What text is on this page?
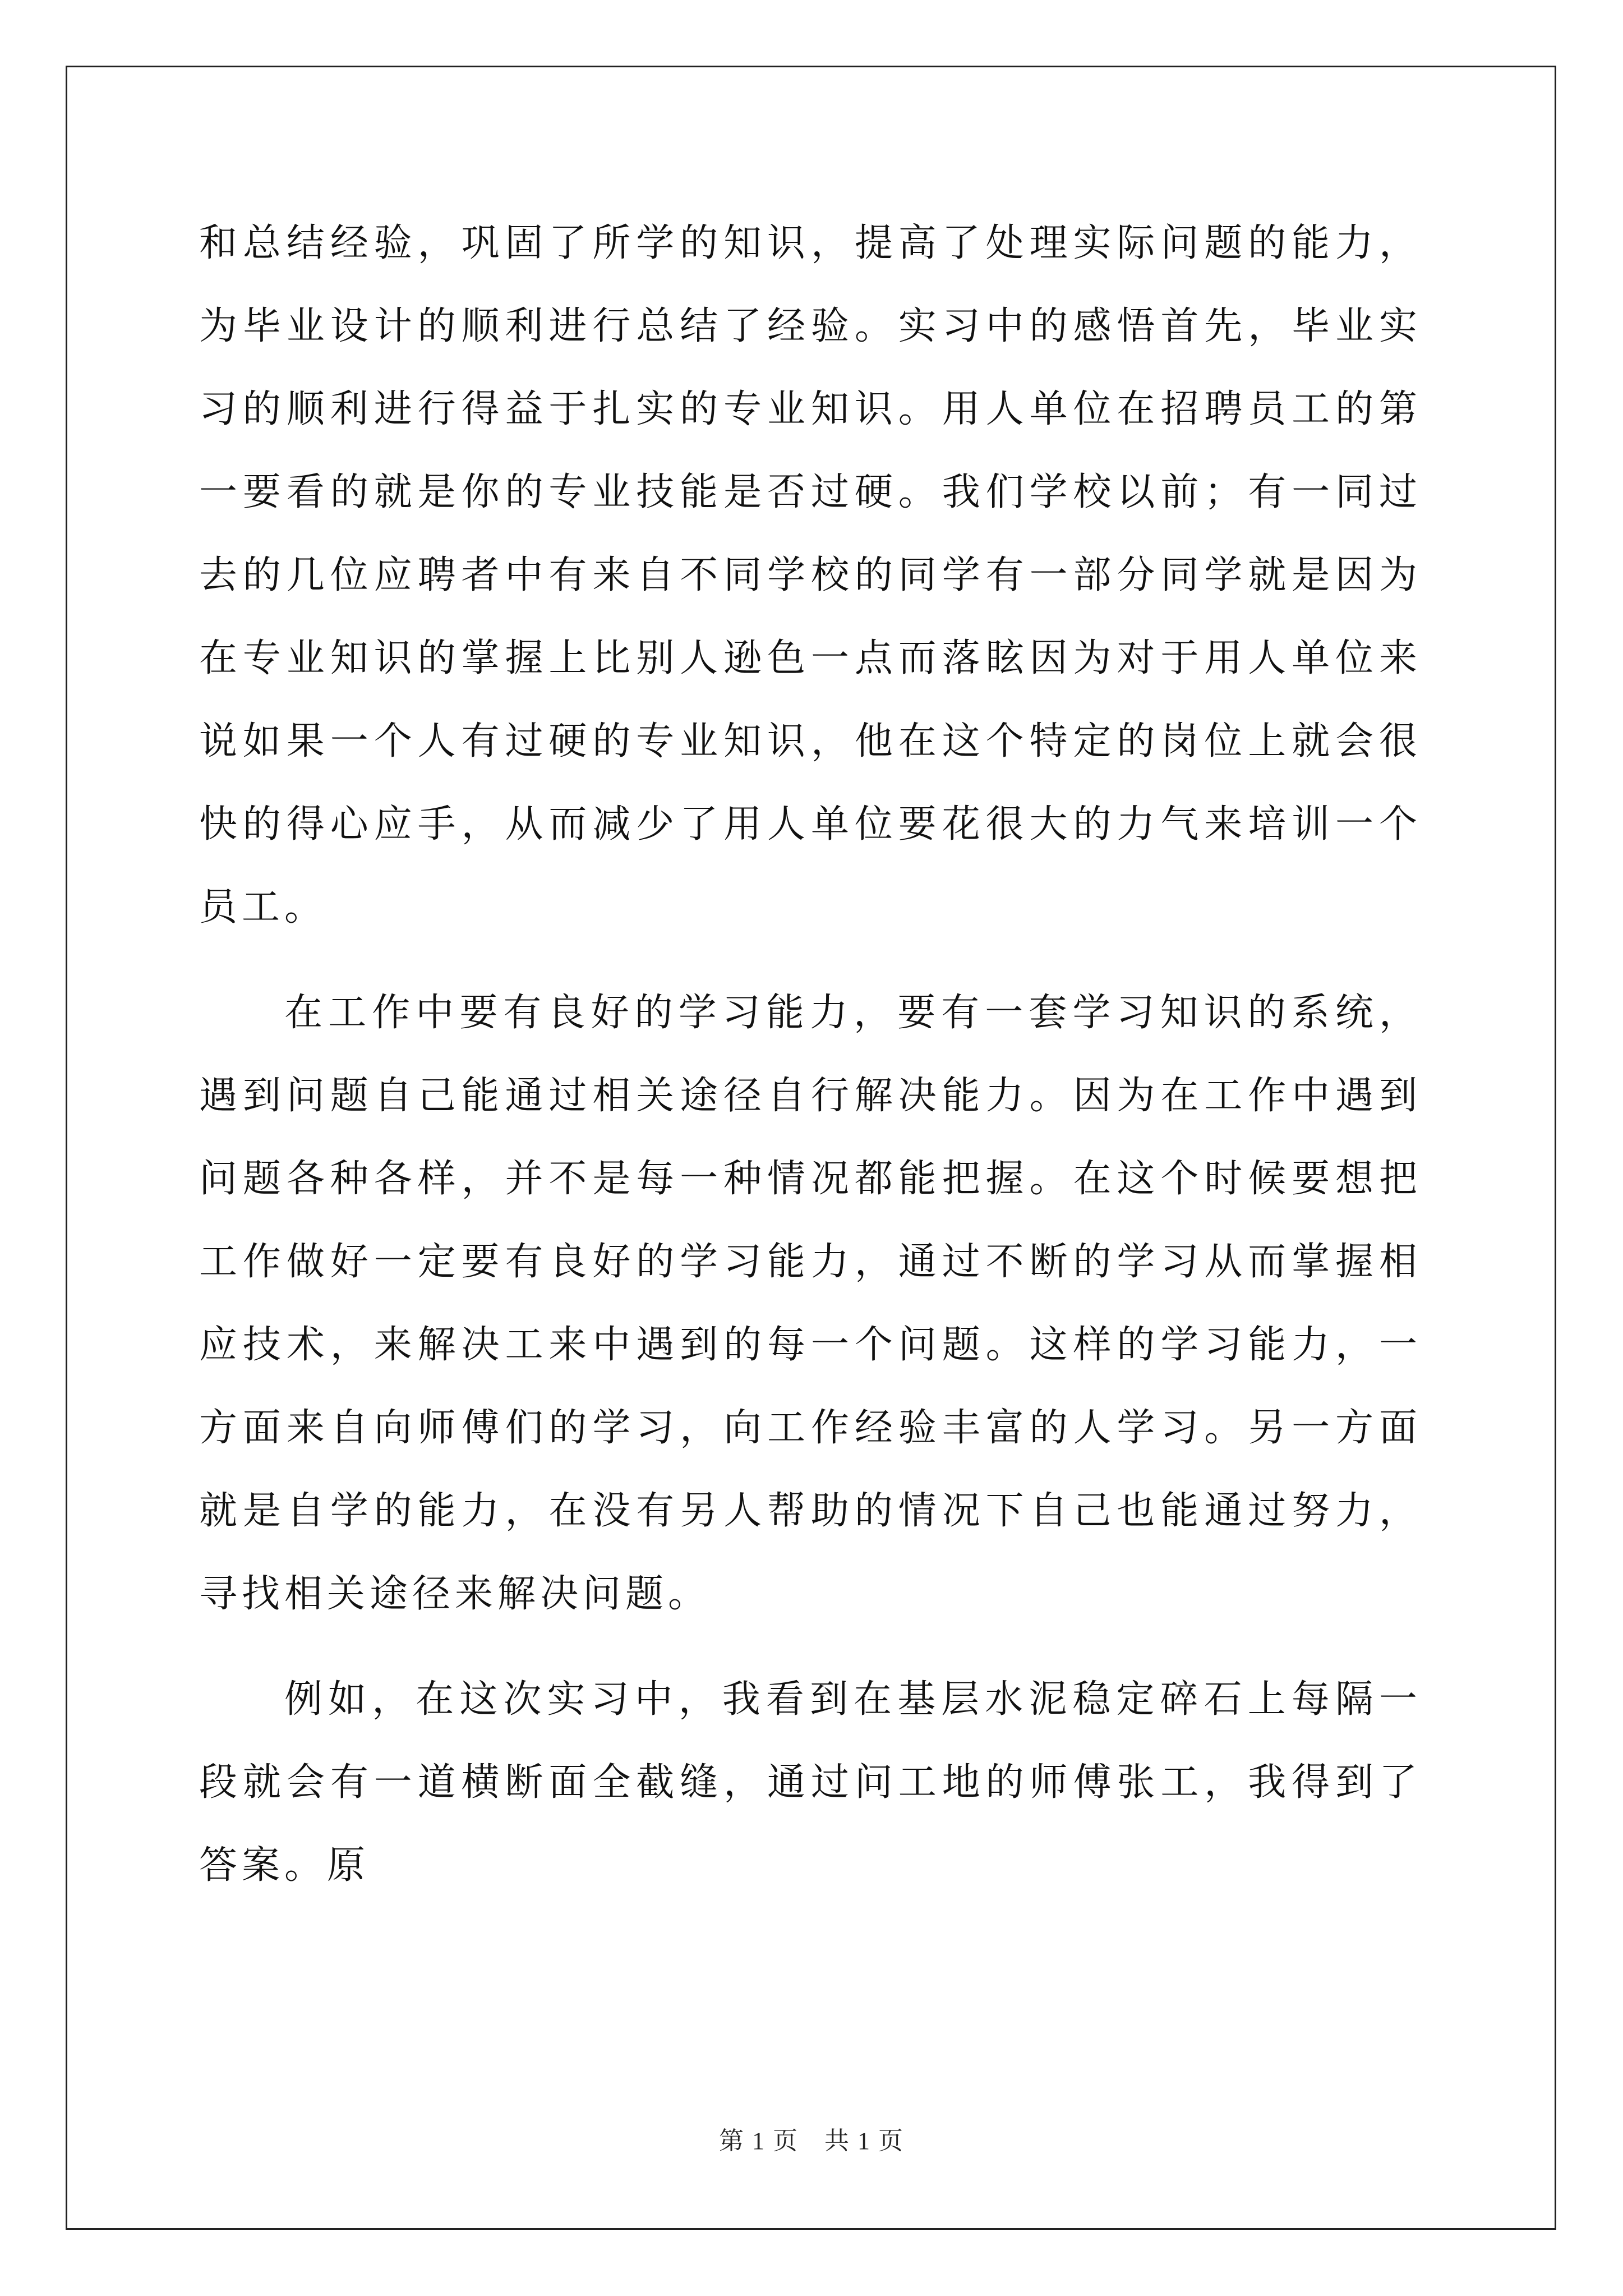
和总结经验，巩固了所学的知识，提高了处理实际问题的能力，为毕业设计的顺利进行总结了经验。实习中的感悟首先，毕业实习的顺利进行得益于扎实的专业知识。用人单位在招聘员工的第一要看的就是你的专业技能是否过硬。我们学校以前；有一同过去的几位应聘者中有来自不同学校的同学有一部分同学就是因为在专业知识的掌握上比别人逊色一点而落眩因为对于用人单位来说如果一个人有过硬的专业知识，他在这个特定的岗位上就会很快的得心应手，从而减少了用人单位要花很大的力气来培训一个员工。

在工作中要有良好的学习能力，要有一套学习知识的系统，遇到问题自己能通过相关途径自行解决能力。因为在工作中遇到问题各种各样，并不是每一种情况都能把握。在这个时候要想把工作做好一定要有良好的学习能力，通过不断的学习从而掌握相应技术，来解决工来中遇到的每一个问题。这样的学习能力，一方面来自向师傅们的学习，向工作经验丰富的人学习。另一方面就是自学的能力，在没有另人帮助的情况下自己也能通过努力，寻找相关途径来解决问题。

例如，在这次实习中，我看到在基层水泥稳定碎石上每隔一段就会有一道横断面全截缝，通过问工地的师傅张工，我得到了答案。原

第 1 页　共 1 页
